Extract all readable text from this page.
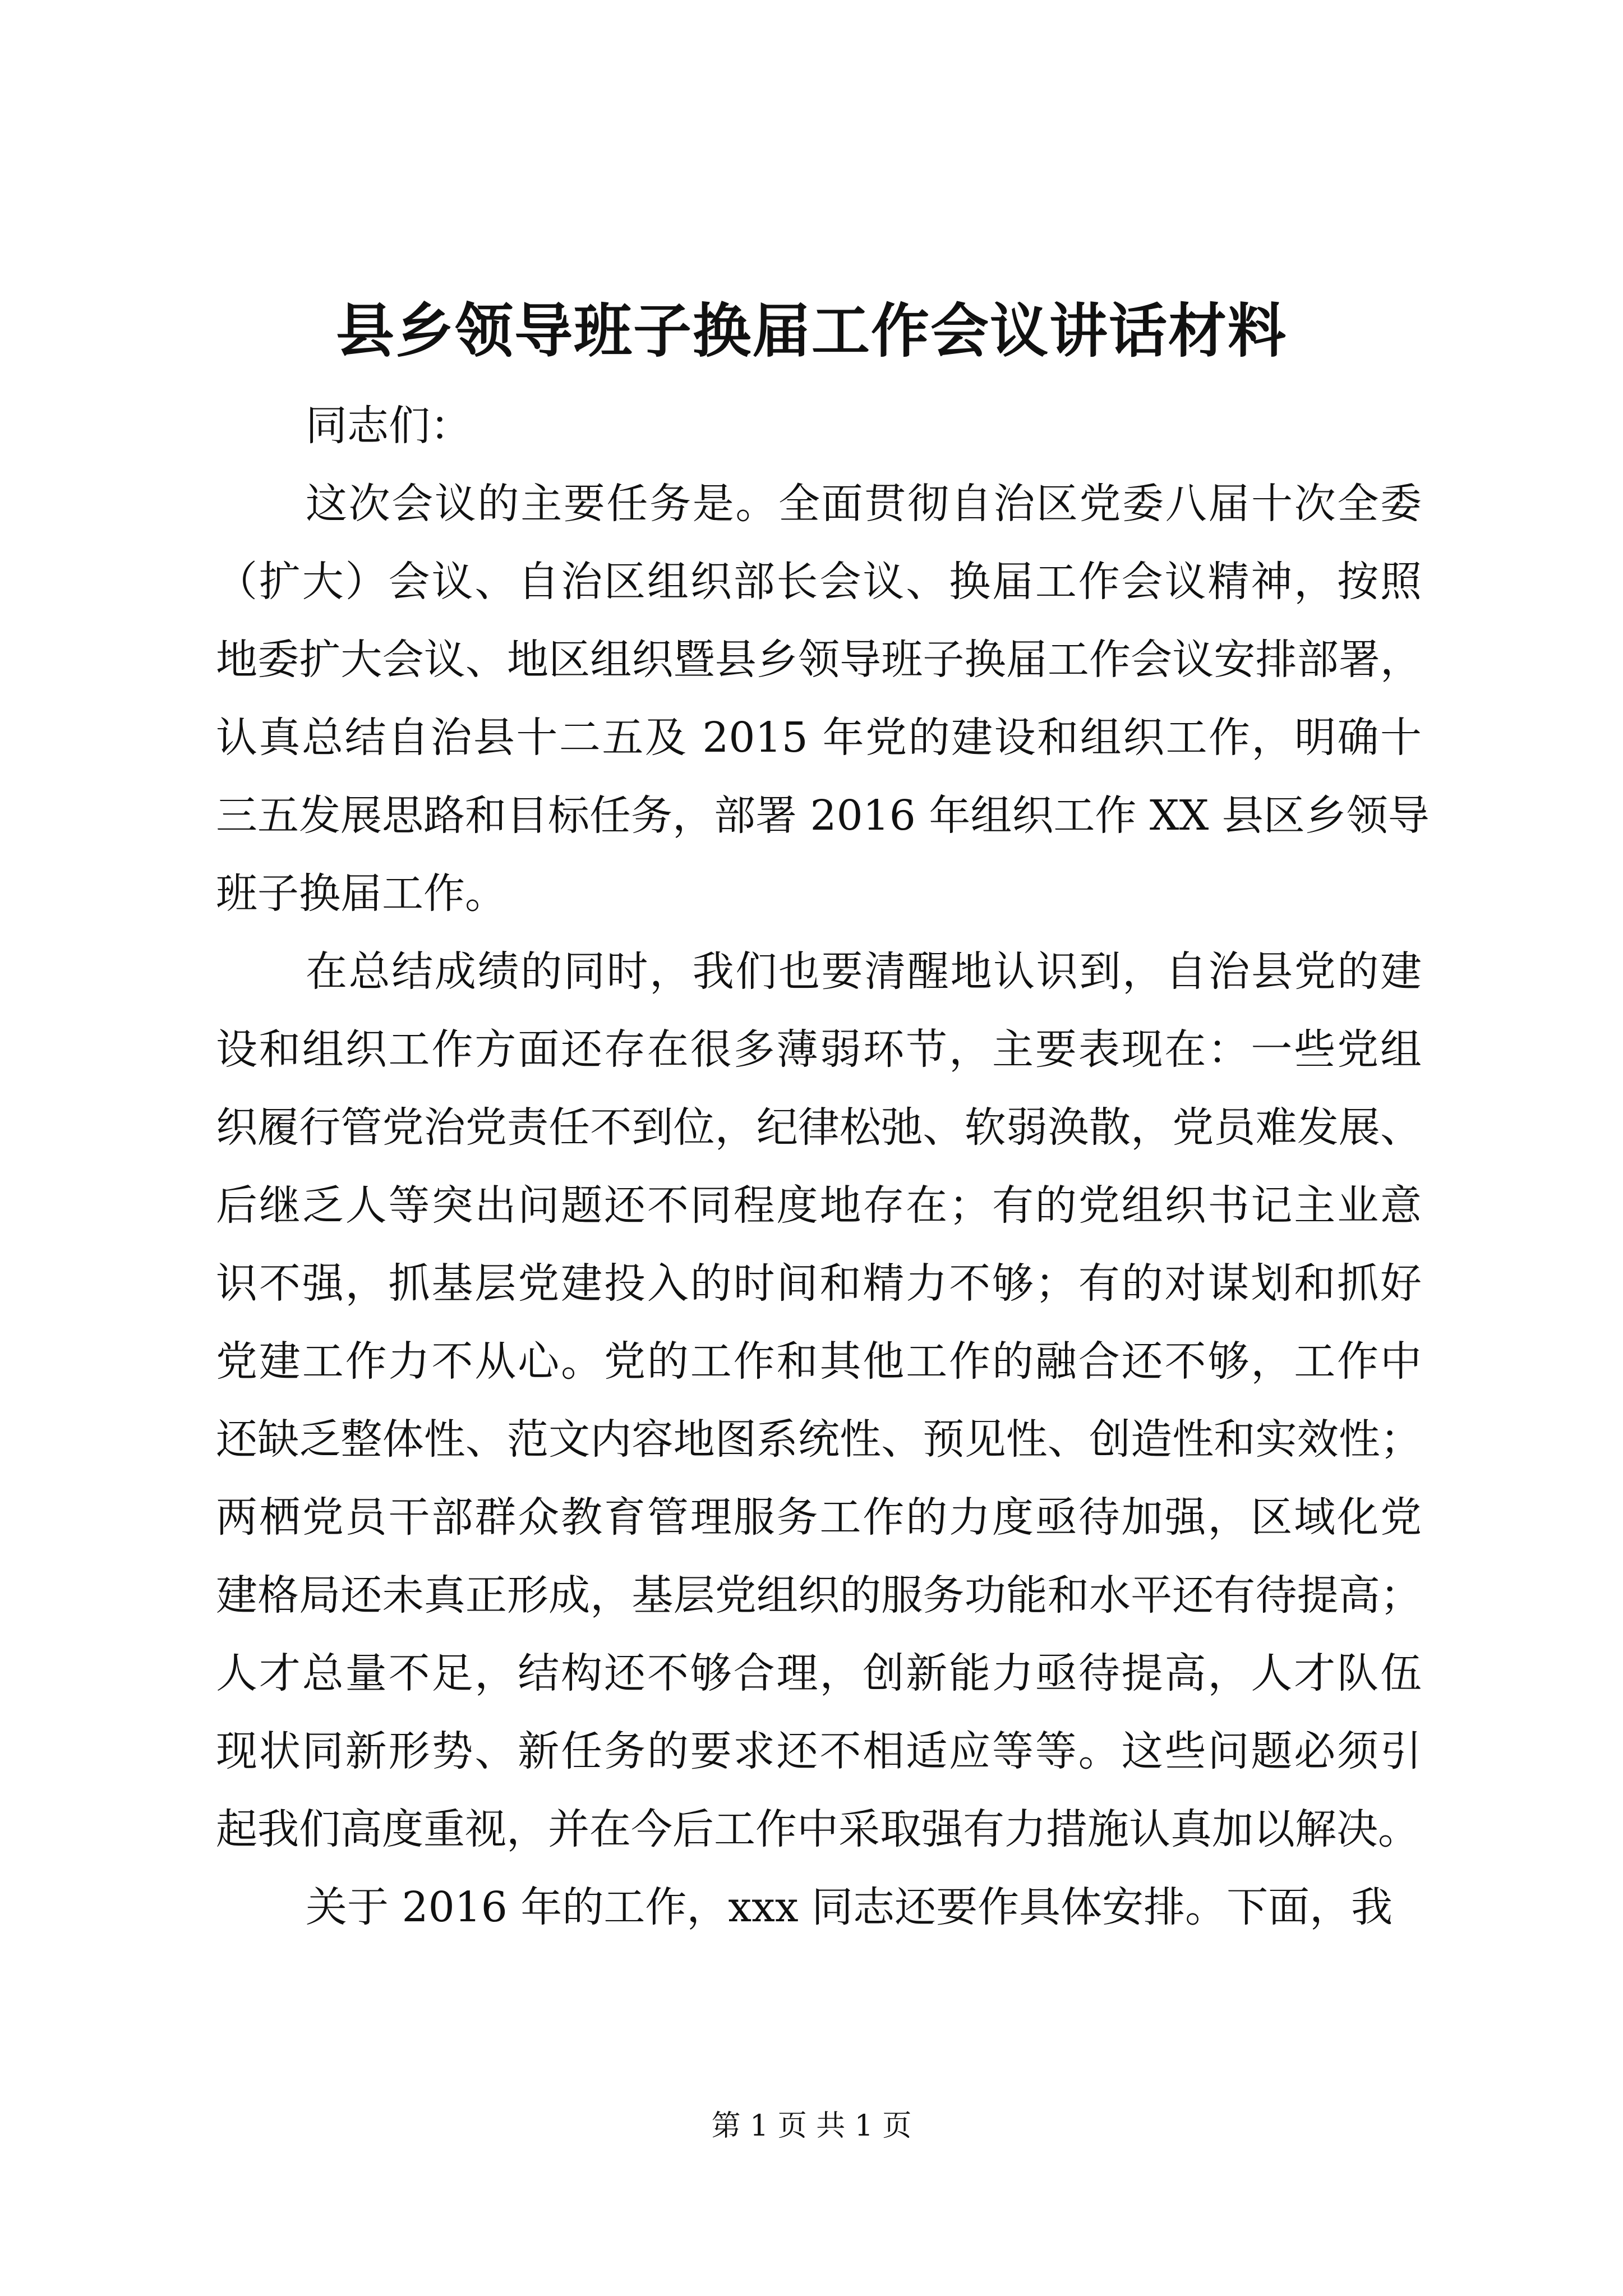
县乡领导班子换届工作会议讲话材料
同志们：
这次会议的主要任务是。全面贯彻自治区党委八届十次全委
（扩大）会议、自治区组织部长会议、换届工作会议精神，按照
地委扩大会议、地区组织暨县乡领导班子换届工作会议安排部署，
认真总结自治县十二五及 2015 年党的建设和组织工作，明确十
三五发展思路和目标任务，部署 2016 年组织工作 XX 县区乡领导
班子换届工作。
在总结成绩的同时，我们也要清醒地认识到，自治县党的建
设和组织工作方面还存在很多薄弱环节，主要表现在：一些党组
织履行管党治党责任不到位，纪律松弛、软弱涣散，党员难发展、
后继乏人等突出问题还不同程度地存在；有的党组织书记主业意
识不强，抓基层党建投入的时间和精力不够；有的对谋划和抓好
党建工作力不从心。党的工作和其他工作的融合还不够，工作中
还缺乏整体性、范文内容地图系统性、预见性、创造性和实效性；
两栖党员干部群众教育管理服务工作的力度亟待加强，区域化党
建格局还未真正形成，基层党组织的服务功能和水平还有待提高；
人才总量不足，结构还不够合理，创新能力亟待提高，人才队伍
现状同新形势、新任务的要求还不相适应等等。这些问题必须引
起我们高度重视，并在今后工作中采取强有力措施认真加以解决。
关于 2016 年的工作，xxx 同志还要作具体安排。下面，我
第 1 页 共 1 页
